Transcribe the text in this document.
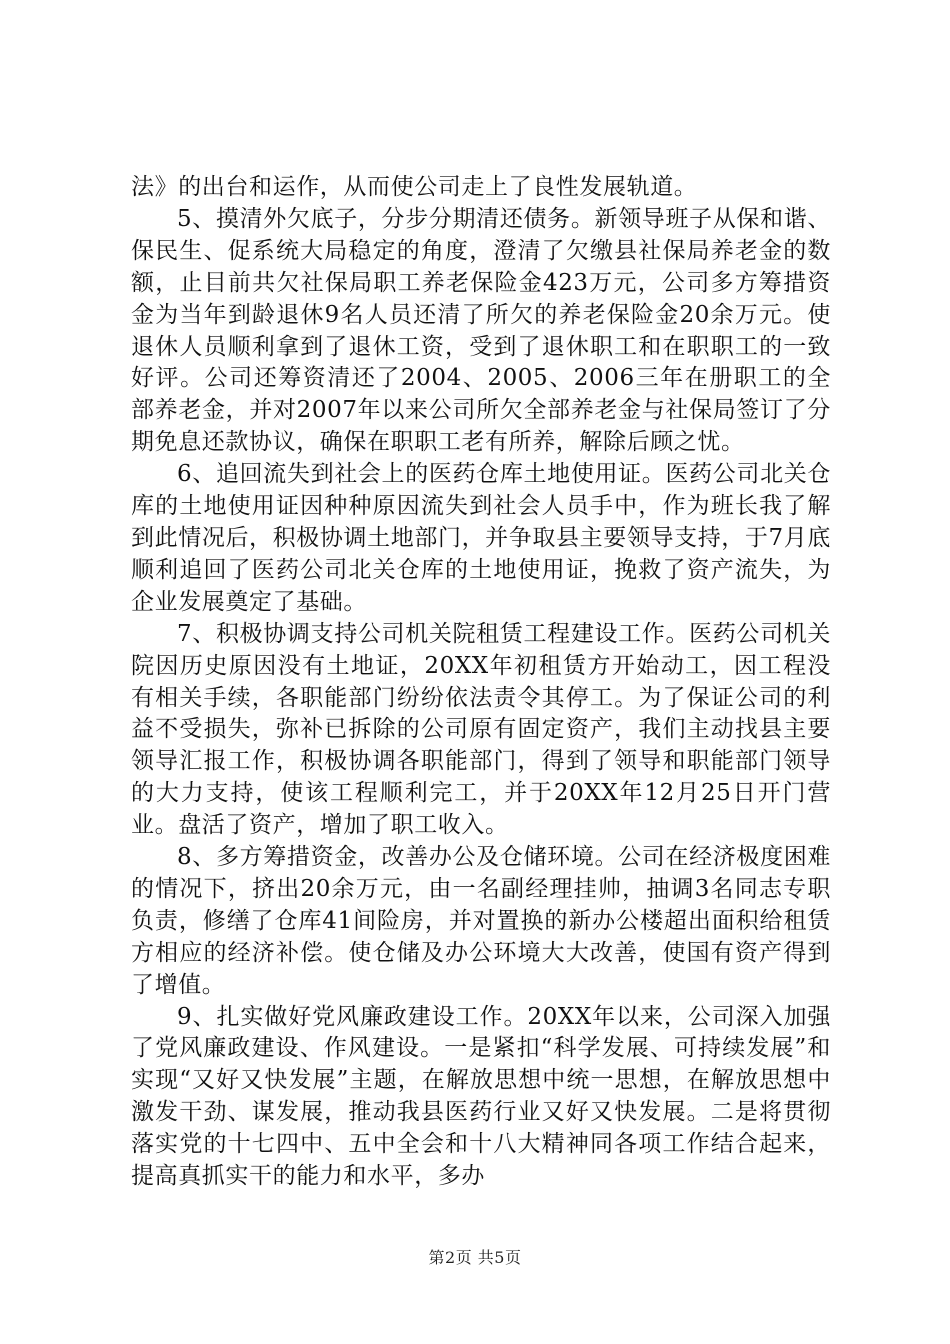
法》的出台和运作，从而使公司走上了良性发展轨道。

5、摸清外欠底子，分步分期清还债务。新领导班子从保和谐、保民生、促系统大局稳定的角度，澄清了欠缴县社保局养老金的数额，止目前共欠社保局职工养老保险金423万元，公司多方筹措资金为当年到龄退休9名人员还清了所欠的养老保险金20余万元。使退休人员顺利拿到了退休工资，受到了退休职工和在职职工的一致好评。公司还筹资清还了2004、2005、2006三年在册职工的全部养老金，并对2007年以来公司所欠全部养老金与社保局签订了分期免息还款协议，确保在职职工老有所养，解除后顾之忧。

6、追回流失到社会上的医药仓库土地使用证。医药公司北关仓库的土地使用证因种种原因流失到社会人员手中，作为班长我了解到此情况后，积极协调土地部门，并争取县主要领导支持，于7月底顺利追回了医药公司北关仓库的土地使用证，挽救了资产流失，为企业发展奠定了基础。

7、积极协调支持公司机关院租赁工程建设工作。医药公司机关院因历史原因没有土地证，20XX年初租赁方开始动工，因工程没有相关手续，各职能部门纷纷依法责令其停工。为了保证公司的利益不受损失，弥补已拆除的公司原有固定资产，我们主动找县主要领导汇报工作，积极协调各职能部门，得到了领导和职能部门领导的大力支持，使该工程顺利完工，并于20XX年12月25日开门营业。盘活了资产，增加了职工收入。

8、多方筹措资金，改善办公及仓储环境。公司在经济极度困难的情况下，挤出20余万元，由一名副经理挂帅，抽调3名同志专职负责，修缮了仓库41间险房，并对置换的新办公楼超出面积给租赁方相应的经济补偿。使仓储及办公环境大大改善，使国有资产得到了增值。

9、扎实做好党风廉政建设工作。20XX年以来，公司深入加强了党风廉政建设、作风建设。一是紧扣“科学发展、可持续发展”和实现“又好又快发展”主题，在解放思想中统一思想，在解放思想中激发干劲、谋发展，推动我县医药行业又好又快发展。二是将贯彻落实党的十七四中、五中全会和十八大精神同各项工作结合起来，提高真抓实干的能力和水平，多办

第2页 共5页
